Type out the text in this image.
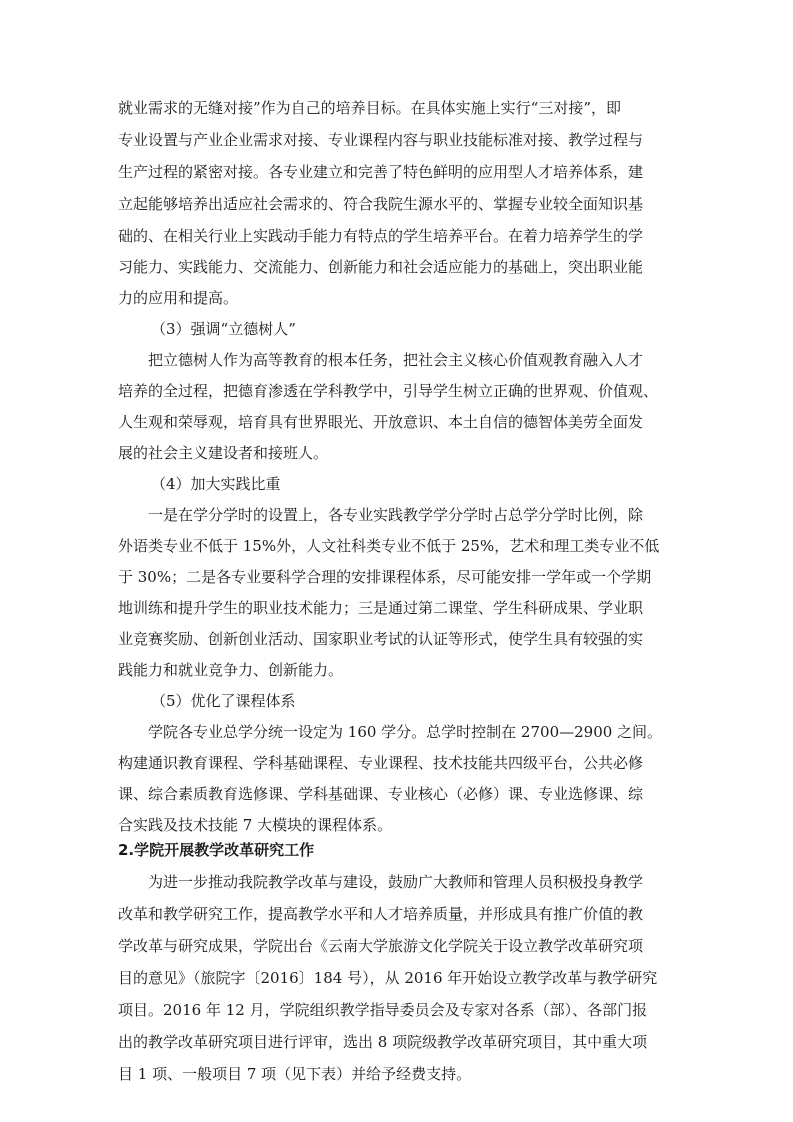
就业需求的无缝对接”作为自己的培养目标。在具体实施上实行“三对接”，即
专业设置与产业企业需求对接、专业课程内容与职业技能标准对接、教学过程与
生产过程的紧密对接。各专业建立和完善了特色鲜明的应用型人才培养体系，建
立起能够培养出适应社会需求的、符合我院生源水平的、掌握专业较全面知识基
础的、在相关行业上实践动手能力有特点的学生培养平台。在着力培养学生的学
习能力、实践能力、交流能力、创新能力和社会适应能力的基础上，突出职业能
力的应用和提高。
（3）强调“立德树人”
把立德树人作为高等教育的根本任务，把社会主义核心价值观教育融入人才
培养的全过程，把德育渗透在学科教学中，引导学生树立正确的世界观、价值观、
人生观和荣辱观，培育具有世界眼光、开放意识、本土自信的德智体美劳全面发
展的社会主义建设者和接班人。
（4）加大实践比重
一是在学分学时的设置上，各专业实践教学学分学时占总学分学时比例，除
外语类专业不低于 15%外，人文社科类专业不低于 25%，艺术和理工类专业不低
于 30%；二是各专业要科学合理的安排课程体系，尽可能安排一学年或一个学期
地训练和提升学生的职业技术能力；三是通过第二课堂、学生科研成果、学业职
业竞赛奖励、创新创业活动、国家职业考试的认证等形式，使学生具有较强的实
践能力和就业竞争力、创新能力。
（5）优化了课程体系
学院各专业总学分统一设定为 160 学分。总学时控制在 2700—2900 之间。
构建通识教育课程、学科基础课程、专业课程、技术技能共四级平台，公共必修
课、综合素质教育选修课、学科基础课、专业核心（必修）课、专业选修课、综
合实践及技术技能 7 大模块的课程体系。
2.学院开展教学改革研究工作
为进一步推动我院教学改革与建设，鼓励广大教师和管理人员积极投身教学
改革和教学研究工作，提高教学水平和人才培养质量，并形成具有推广价值的教
学改革与研究成果，学院出台《云南大学旅游文化学院关于设立教学改革研究项
目的意见》（旅院字〔2016〕184 号），从 2016 年开始设立教学改革与教学研究
项目。2016 年 12 月，学院组织教学指导委员会及专家对各系（部）、各部门报
出的教学改革研究项目进行评审，选出 8 项院级教学改革研究项目，其中重大项
目 1 项、一般项目 7 项（见下表）并给予经费支持。
